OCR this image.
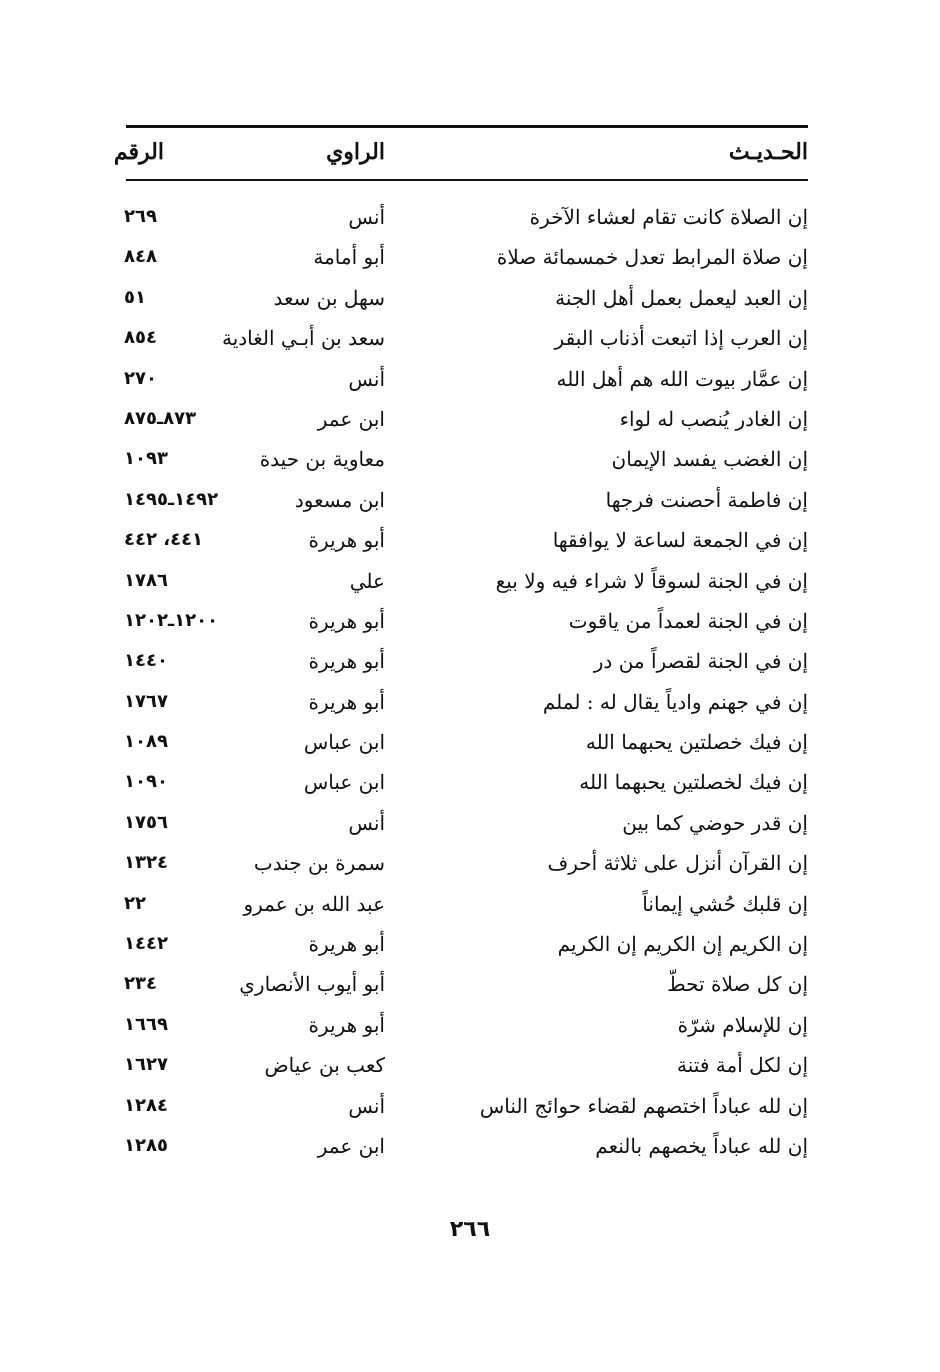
الحـديـث
الراوي
الرقم
إن الصلاة كانت تقام لعشاء الآخرة
أنس
٢٦٩
إن صلاة المرابط تعدل خمسمائة صلاة
أبو أمامة
٨٤٨
إن العبد ليعمل بعمل أهل الجنة
سهل بن سعد
٥١
إن العرب إذا اتبعت أذناب البقر
سعد بن أبـي الغادية
٨٥٤
إن عمَّار بيوت الله هم أهل الله
أنس
٢٧٠
إن الغادر يُنصب له لواء
ابن عمر
٨٧٣ـ٨٧٥
إن الغضب يفسد الإيمان
معاوية بن حيدة
١٠٩٣
إن فاطمة أحصنت فرجها
ابن مسعود
١٤٩٢ـ١٤٩٥
إن في الجمعة لساعة لا يوافقها
أبو هريرة
٤٤١، ٤٤٢
إن في الجنة لسوقاً لا شراء فيه ولا بيع
علي
١٧٨٦
إن في الجنة لعمداً من ياقوت
أبو هريرة
١٢٠٠ـ١٢٠٢
إن في الجنة لقصراً من در
أبو هريرة
١٤٤٠
إن في جهنم وادياً يقال له : لملم
أبو هريرة
١٧٦٧
إن فيك خصلتين يحبهما الله
ابن عباس
١٠٨٩
إن فيك لخصلتين يحبهما الله
ابن عباس
١٠٩٠
إن قدر حوضي كما بين
أنس
١٧٥٦
إن القرآن أنزل على ثلاثة أحرف
سمرة بن جندب
١٣٢٤
إن قلبك حُشي إيماناً
عبد الله بن عمرو
٢٢
إن الكريم إن الكريم إن الكريم
أبو هريرة
١٤٤٢
إن كل صلاة تحطّ
أبو أيوب الأنصاري
٢٣٤
إن للإسلام شرّة
أبو هريرة
١٦٦٩
إن لكل أمة فتنة
كعب بن عياض
١٦٢٧
إن لله عباداً اختصهم لقضاء حوائج الناس
أنس
١٢٨٤
إن لله عباداً يخصهم بالنعم
ابن عمر
١٢٨٥
٢٦٦
